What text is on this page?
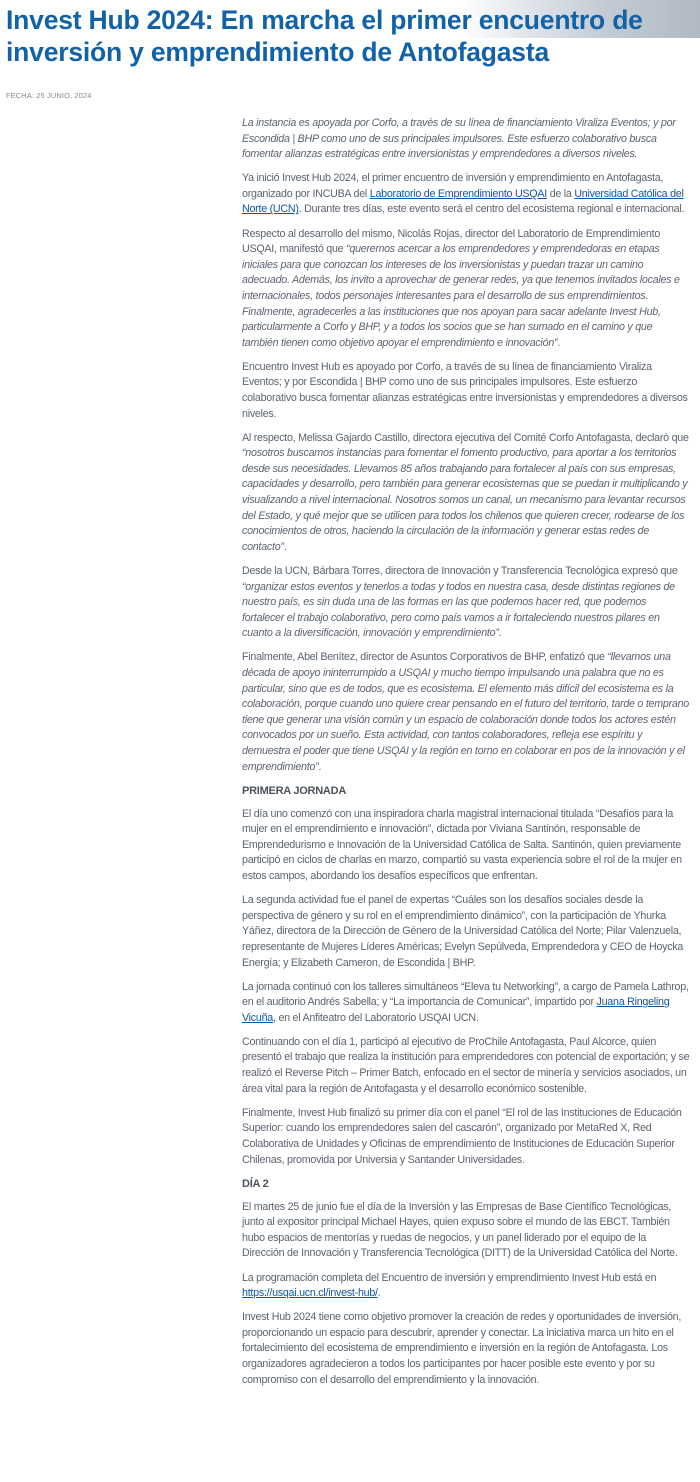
Invest Hub 2024: En marcha el primer encuentro de inversión y emprendimiento de Antofagasta
FECHA: 25 JUNIO, 2024

La instancia es apoyada por Corfo, a través de su línea de financiamiento Viraliza Eventos; y por Escondida | BHP como uno de sus principales impulsores. Este esfuerzo colaborativo busca fomentar alianzas estratégicas entre inversionistas y emprendedores a diversos niveles.

Ya inició Invest Hub 2024, el primer encuentro de inversión y emprendimiento en Antofagasta, organizado por INCUBA del Laboratorio de Emprendimiento USQAI de la Universidad Católica del Norte (UCN). Durante tres días, este evento será el centro del ecosistema regional e internacional.

Respecto al desarrollo del mismo, Nicolás Rojas, director del Laboratorio de Emprendimiento USQAI, manifestó que “queremos acercar a los emprendedores y emprendedoras en etapas iniciales para que conozcan los intereses de los inversionistas y puedan trazar un camino adecuado. Además, los invito a aprovechar de generar redes, ya que tenemos invitados locales e internacionales, todos personajes interesantes para el desarrollo de sus emprendimientos. Finalmente, agradecerles a las instituciones que nos apoyan para sacar adelante Invest Hub, particularmente a Corfo y BHP, y a todos los socios que se han sumado en el camino y que también tienen como objetivo apoyar el emprendimiento e innovación”.

Encuentro Invest Hub es apoyado por Corfo, a través de su línea de financiamiento Viraliza Eventos; y por Escondida | BHP como uno de sus principales impulsores. Este esfuerzo colaborativo busca fomentar alianzas estratégicas entre inversionistas y emprendedores a diversos niveles.

Al respecto, Melissa Gajardo Castillo, directora ejecutiva del Comité Corfo Antofagasta, declaró que “nosotros buscamos instancias para fomentar el fomento productivo, para aportar a los territorios desde sus necesidades. Llevamos 85 años trabajando para fortalecer al país con sus empresas, capacidades y desarrollo, pero también para generar ecosistemas que se puedan ir multiplicando y visualizando a nivel internacional. Nosotros somos un canal, un mecanismo para levantar recursos del Estado, y qué mejor que se utilicen para todos los chilenos que quieren crecer, rodearse de los conocimientos de otros, haciendo la circulación de la información y generar estas redes de contacto”.

Desde la UCN, Bárbara Torres, directora de Innovación y Transferencia Tecnológica expresó que “organizar estos eventos y tenerlos a todas y todos en nuestra casa, desde distintas regiones de nuestro país, es sin duda una de las formas en las que podemos hacer red, que podemos fortalecer el trabajo colaborativo, pero como país vamos a ir fortaleciendo nuestros pilares en cuanto a la diversificación, innovación y emprendimiento”.

Finalmente, Abel Benítez, director de Asuntos Corporativos de BHP, enfatizó que “llevamos una década de apoyo ininterrumpido a USQAI y mucho tiempo impulsando una palabra que no es particular, sino que es de todos, que es ecosistema. El elemento más difícil del ecosistema es la colaboración, porque cuando uno quiere crear pensando en el futuro del territorio, tarde o temprano tiene que generar una visión común y un espacio de colaboración donde todos los actores estén convocados por un sueño. Esta actividad, con tantos colaboradores, refleja ese espíritu y demuestra el poder que tiene USQAI y la región en torno en colaborar en pos de la innovación y el emprendimiento”.

PRIMERA JORNADA

El día uno comenzó con una inspiradora charla magistral internacional titulada “Desafíos para la mujer en el emprendimiento e innovación”, dictada por Viviana Santinón, responsable de Emprendedurismo e Innovación de la Universidad Católica de Salta. Santinón, quien previamente participó en ciclos de charlas en marzo, compartió su vasta experiencia sobre el rol de la mujer en estos campos, abordando los desafíos específicos que enfrentan.

La segunda actividad fue el panel de expertas “Cuáles son los desafíos sociales desde la perspectiva de género y su rol en el emprendimiento dinámico”, con la participación de Yhurka Yáñez, directora de la Dirección de Género de la Universidad Católica del Norte; Pilar Valenzuela, representante de Mujeres Líderes Américas; Evelyn Sepúlveda, Emprendedora y CEO de Hoycka Energía; y Elizabeth Cameron, de Escondida | BHP.

La jornada continuó con los talleres simultáneos “Eleva tu Networking”, a cargo de Pamela Lathrop, en el auditorio Andrés Sabella; y “La importancia de Comunicar”, impartido por Juana Ringeling Vicuña, en el Anfiteatro del Laboratorio USQAI UCN.

Continuando con el día 1, participó al ejecutivo de ProChile Antofagasta, Paul Alcorce, quien presentó el trabajo que realiza la institución para emprendedores con potencial de exportación; y se realizó el Reverse Pitch – Primer Batch, enfocado en el sector de minería y servicios asociados, un área vital para la región de Antofagasta y el desarrollo económico sostenible.

Finalmente, Invest Hub finalizó su primer día con el panel “El rol de las Instituciones de Educación Superior: cuando los emprendedores salen del cascarón”, organizado por MetaRed X, Red Colaborativa de Unidades y Oficinas de emprendimiento de Instituciones de Educación Superior Chilenas, promovida por Universia y Santander Universidades.

DÍA 2

El martes 25 de junio fue el día de la Inversión y las Empresas de Base Científico Tecnológicas, junto al expositor principal Michael Hayes, quien expuso sobre el mundo de las EBCT. También hubo espacios de mentorías y ruedas de negocios, y un panel liderado por el equipo de la Dirección de Innovación y Transferencia Tecnológica (DITT) de la Universidad Católica del Norte.

La programación completa del Encuentro de inversión y emprendimiento Invest Hub está en https://usqai.ucn.cl/invest-hub/.

Invest Hub 2024 tiene como objetivo promover la creación de redes y oportunidades de inversión, proporcionando un espacio para descubrir, aprender y conectar. La iniciativa marca un hito en el fortalecimiento del ecosistema de emprendimiento e inversión en la región de Antofagasta. Los organizadores agradecieron a todos los participantes por hacer posible este evento y por su compromiso con el desarrollo del emprendimiento y la innovación.
